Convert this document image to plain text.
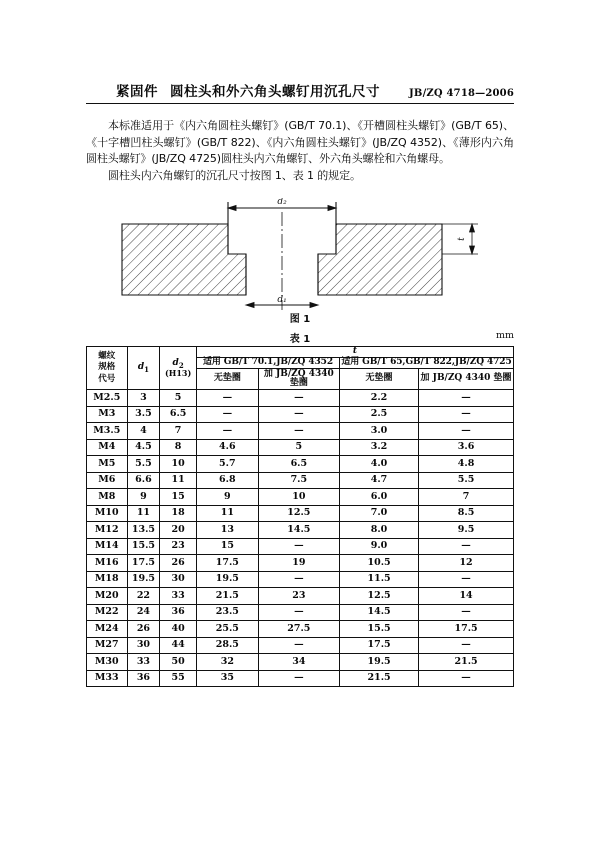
紧固件 圆柱头和外六角头螺钉用沉孔尺寸	JB/ZQ 4718—2006

本标准适用于《内六角圆柱头螺钉》(GB/T 70.1)、《开槽圆柱头螺钉》(GB/T 65)、《十字槽凹柱头螺钉》(GB/T 822)、《内六角圆柱头螺钉》(JB/ZQ 4352)、《薄形内六角圆柱头螺钉》(JB/ZQ 4725)圆柱头内六角螺钉、外六角头螺栓和六角螺母。

圆柱头内六角螺钉的沉孔尺寸按图 1、表 1 的规定。

d₂
d₁
t
图 1
mm
表 1
螺纹
规格
代号
	$d_1$	
$d_2$
(H13)
	t
			适用 GB/T 70.1,JB/ZQ 4352		适用 GB/T 65,GB/T 822,JB/ZQ 4725	
			无垫圈	加 JB/ZQ 4340 垫圈	无垫圈	加 JB/ZQ 4340 垫圈
M2.5	3	5	—	—	2.2	—
M3	3.5	6.5	—	—	2.5	—
M3.5	4	7	—	—	3.0	—
M4	4.5	8	4.6	5	3.2	3.6
M5	5.5	10	5.7	6.5	4.0	4.8
M6	6.6	11	6.8	7.5	4.7	5.5
M8	9	15	9	10	6.0	7
M10	11	18	11	12.5	7.0	8.5
M12	13.5	20	13	14.5	8.0	9.5
M14	15.5	23	15	—	9.0	—
M16	17.5	26	17.5	19	10.5	12
M18	19.5	30	19.5	—	11.5	—
M20	22	33	21.5	23	12.5	14
M22	24	36	23.5	—	14.5	—
M24	26	40	25.5	27.5	15.5	17.5
M27	30	44	28.5	—	17.5	—
M30	33	50	32	34	19.5	21.5
M33	36	55	35	—	21.5	—
